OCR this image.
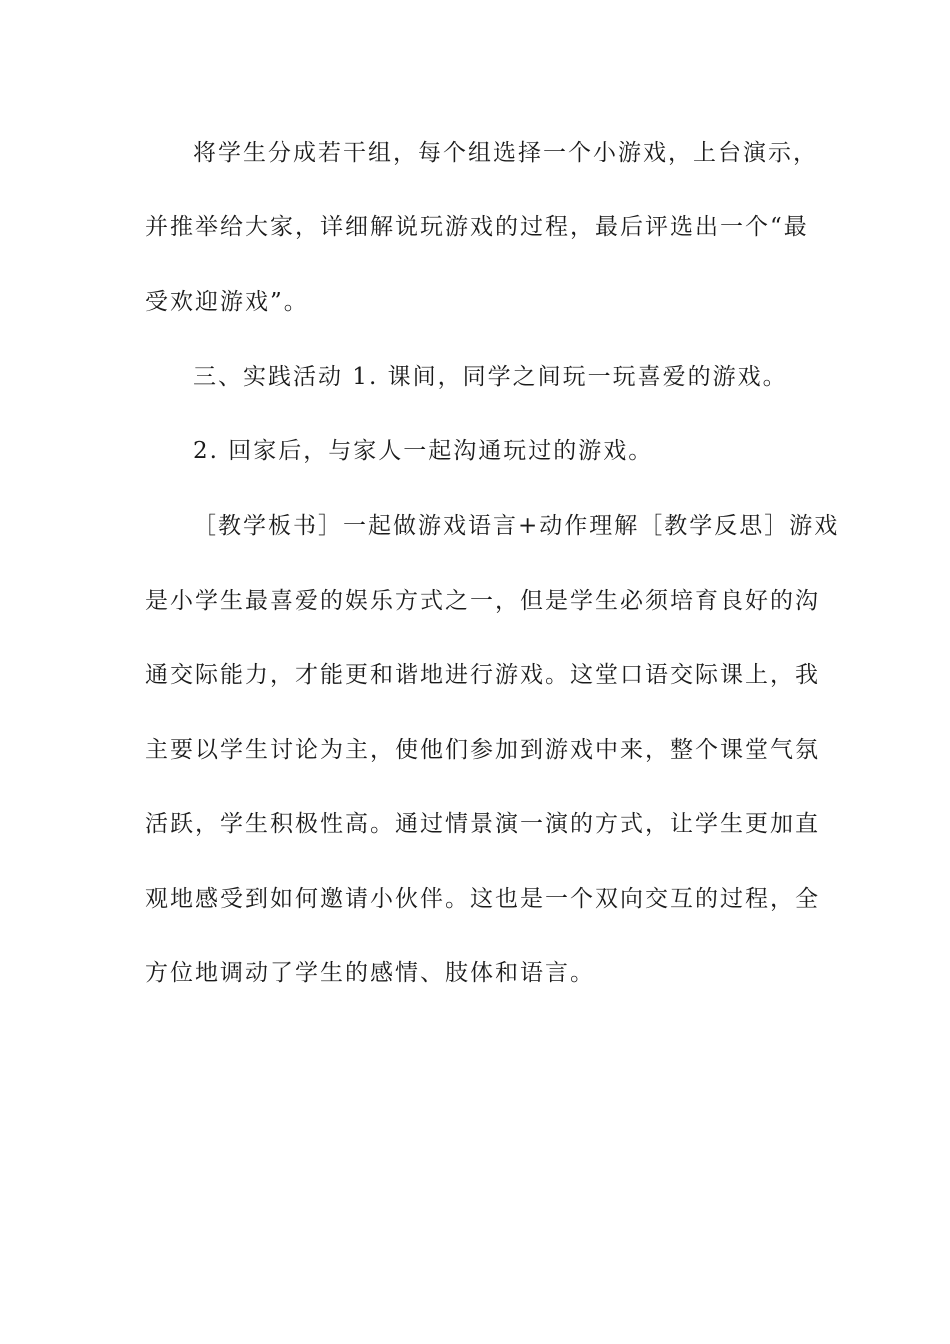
将学生分成若干组，每个组选择一个小游戏，上台演示，
并推举给大家，详细解说玩游戏的过程，最后评选出一个“最
受欢迎游戏”。
三、实践活动 1. 课间，同学之间玩一玩喜爱的游戏。
2. 回家后，与家人一起沟通玩过的游戏。
［教学板书］一起做游戏语言+动作理解［教学反思］游戏
是小学生最喜爱的娱乐方式之一，但是学生必须培育良好的沟
通交际能力，才能更和谐地进行游戏。这堂口语交际课上，我
主要以学生讨论为主，使他们参加到游戏中来，整个课堂气氛
活跃，学生积极性高。通过情景演一演的方式，让学生更加直
观地感受到如何邀请小伙伴。这也是一个双向交互的过程，全
方位地调动了学生的感情、肢体和语言。
